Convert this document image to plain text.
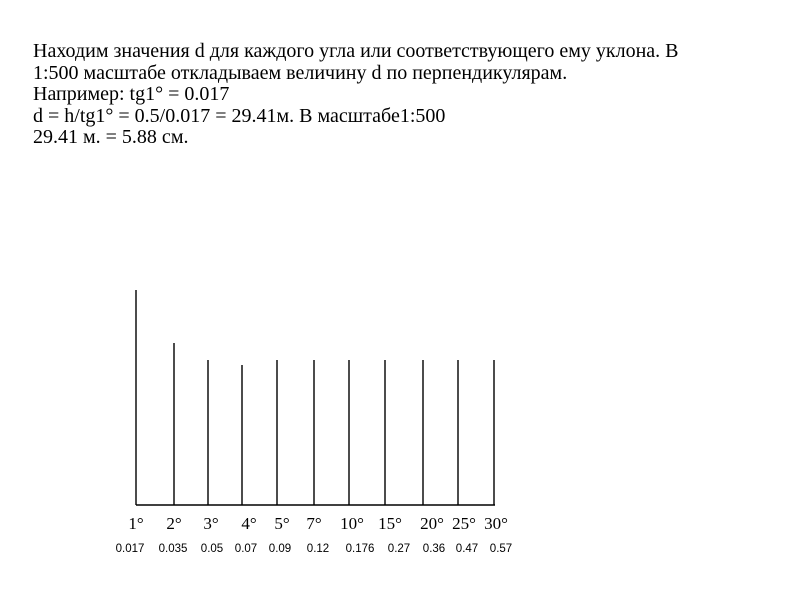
Находим значения d для каждого угла или соответствующего ему уклона. В
1:500 масштабе откладываем величину d по перпендикулярам.
Например: tg1° = 0.017
d = h/tg1° = 0.5/0.017 = 29.41м. В масштабе1:500
29.41 м. = 5.88 см.
1° 2° 3° 4° 5° 7° 10° 15° 20° 25° 30°
0.017 0.035 0.05 0.07 0.09 0.12 0.176 0.27 0.36 0.47 0.57
